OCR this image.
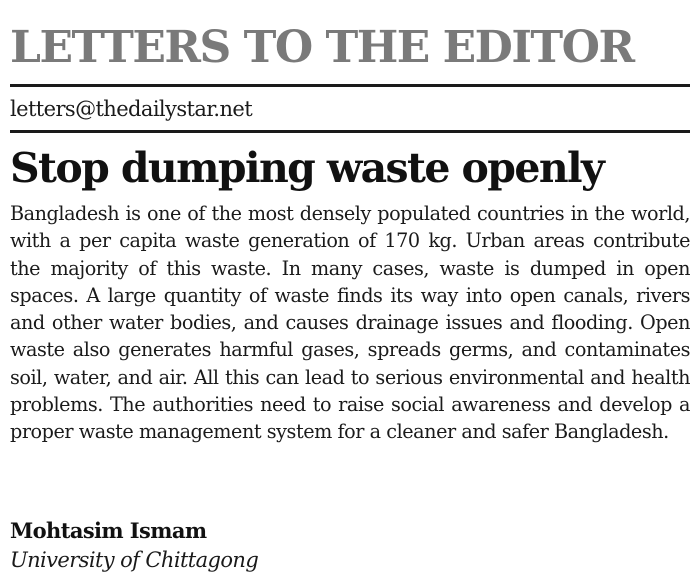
LETTERS TO THE EDITOR
letters@thedailystar.net
Stop dumping waste openly

Bangladesh is one of the most densely populated countries in the world, with a per capita waste generation of 170 kg. Urban areas contribute the majority of this waste. In many cases, waste is dumped in open spaces. A large quantity of waste finds its way into open canals, rivers and other water bodies, and causes drainage issues and flooding. Open waste also generates harmful gases, spreads germs, and contaminates soil, water, and air. All this can lead to serious environmental and health problems. The authorities need to raise social awareness and develop a proper waste management system for a cleaner and safer Bangladesh.

Mohtasim Ismam
University of Chittagong
